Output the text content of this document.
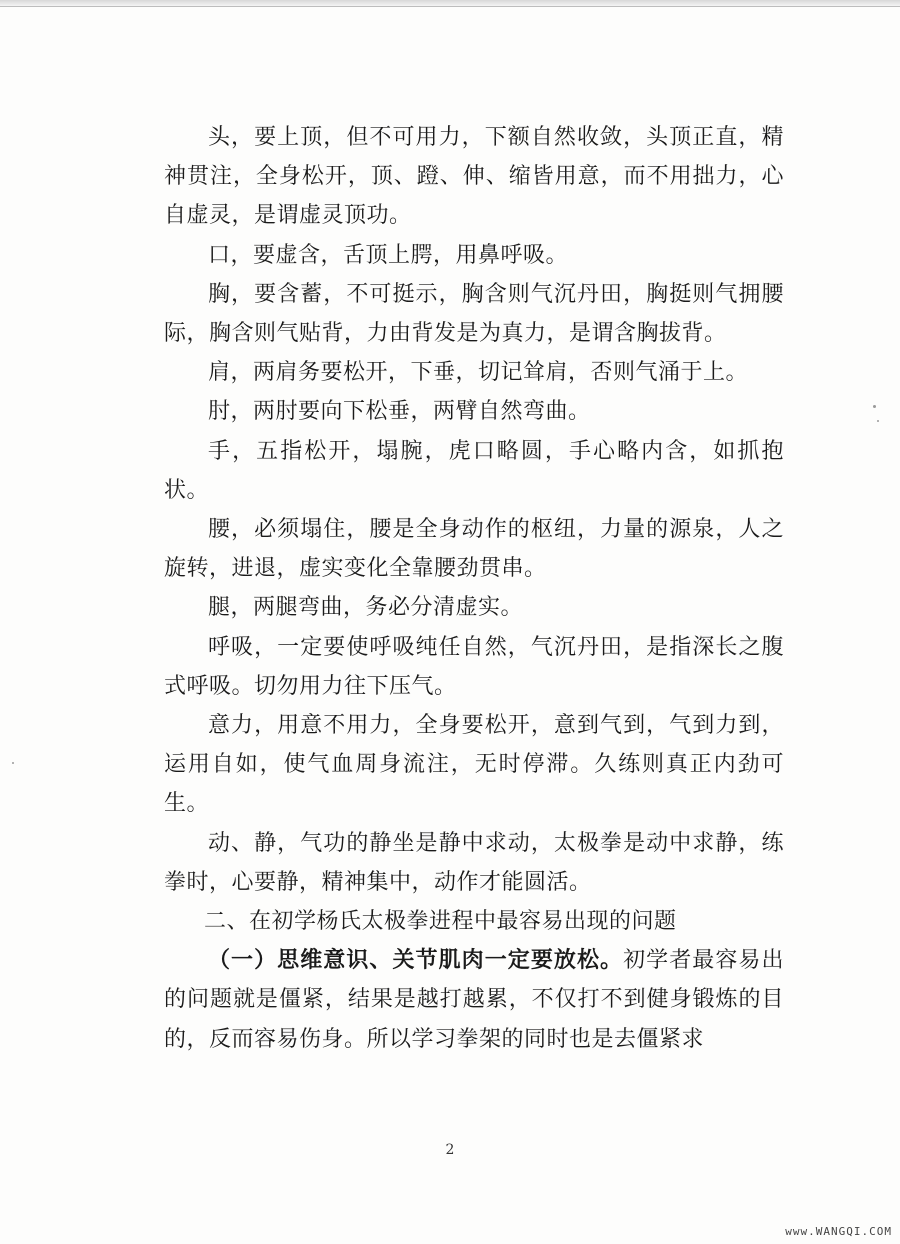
头，要上顶，但不可用力，下额自然收敛，头顶正直，精神贯注，全身松开，顶、蹬、伸、缩皆用意，而不用拙力，心自虚灵，是谓虚灵顶功。

口，要虚含，舌顶上腭，用鼻呼吸。

胸，要含蓄，不可挺示，胸含则气沉丹田，胸挺则气拥腰际，胸含则气贴背，力由背发是为真力，是谓含胸拔背。

肩，两肩务要松开，下垂，切记耸肩，否则气涌于上。

肘，两肘要向下松垂，两臂自然弯曲。

手，五指松开，塌腕，虎口略圆，手心略内含，如抓抱状。

腰，必须塌住，腰是全身动作的枢纽，力量的源泉，人之旋转，进退，虚实变化全靠腰劲贯串。

腿，两腿弯曲，务必分清虚实。

呼吸，一定要使呼吸纯任自然，气沉丹田，是指深长之腹式呼吸。切勿用力往下压气。

意力，用意不用力，全身要松开，意到气到，气到力到，运用自如，使气血周身流注，无时停滞。久练则真正内劲可生。

动、静，气功的静坐是静中求动，太极拳是动中求静，练拳时，心要静，精神集中，动作才能圆活。

二、在初学杨氏太极拳进程中最容易出现的问题

（一）思维意识、关节肌肉一定要放松。初学者最容易出的问题就是僵紧，结果是越打越累，不仅打不到健身锻炼的目的，反而容易伤身。所以学习拳架的同时也是去僵紧求

2
www.WANGQI.COM
